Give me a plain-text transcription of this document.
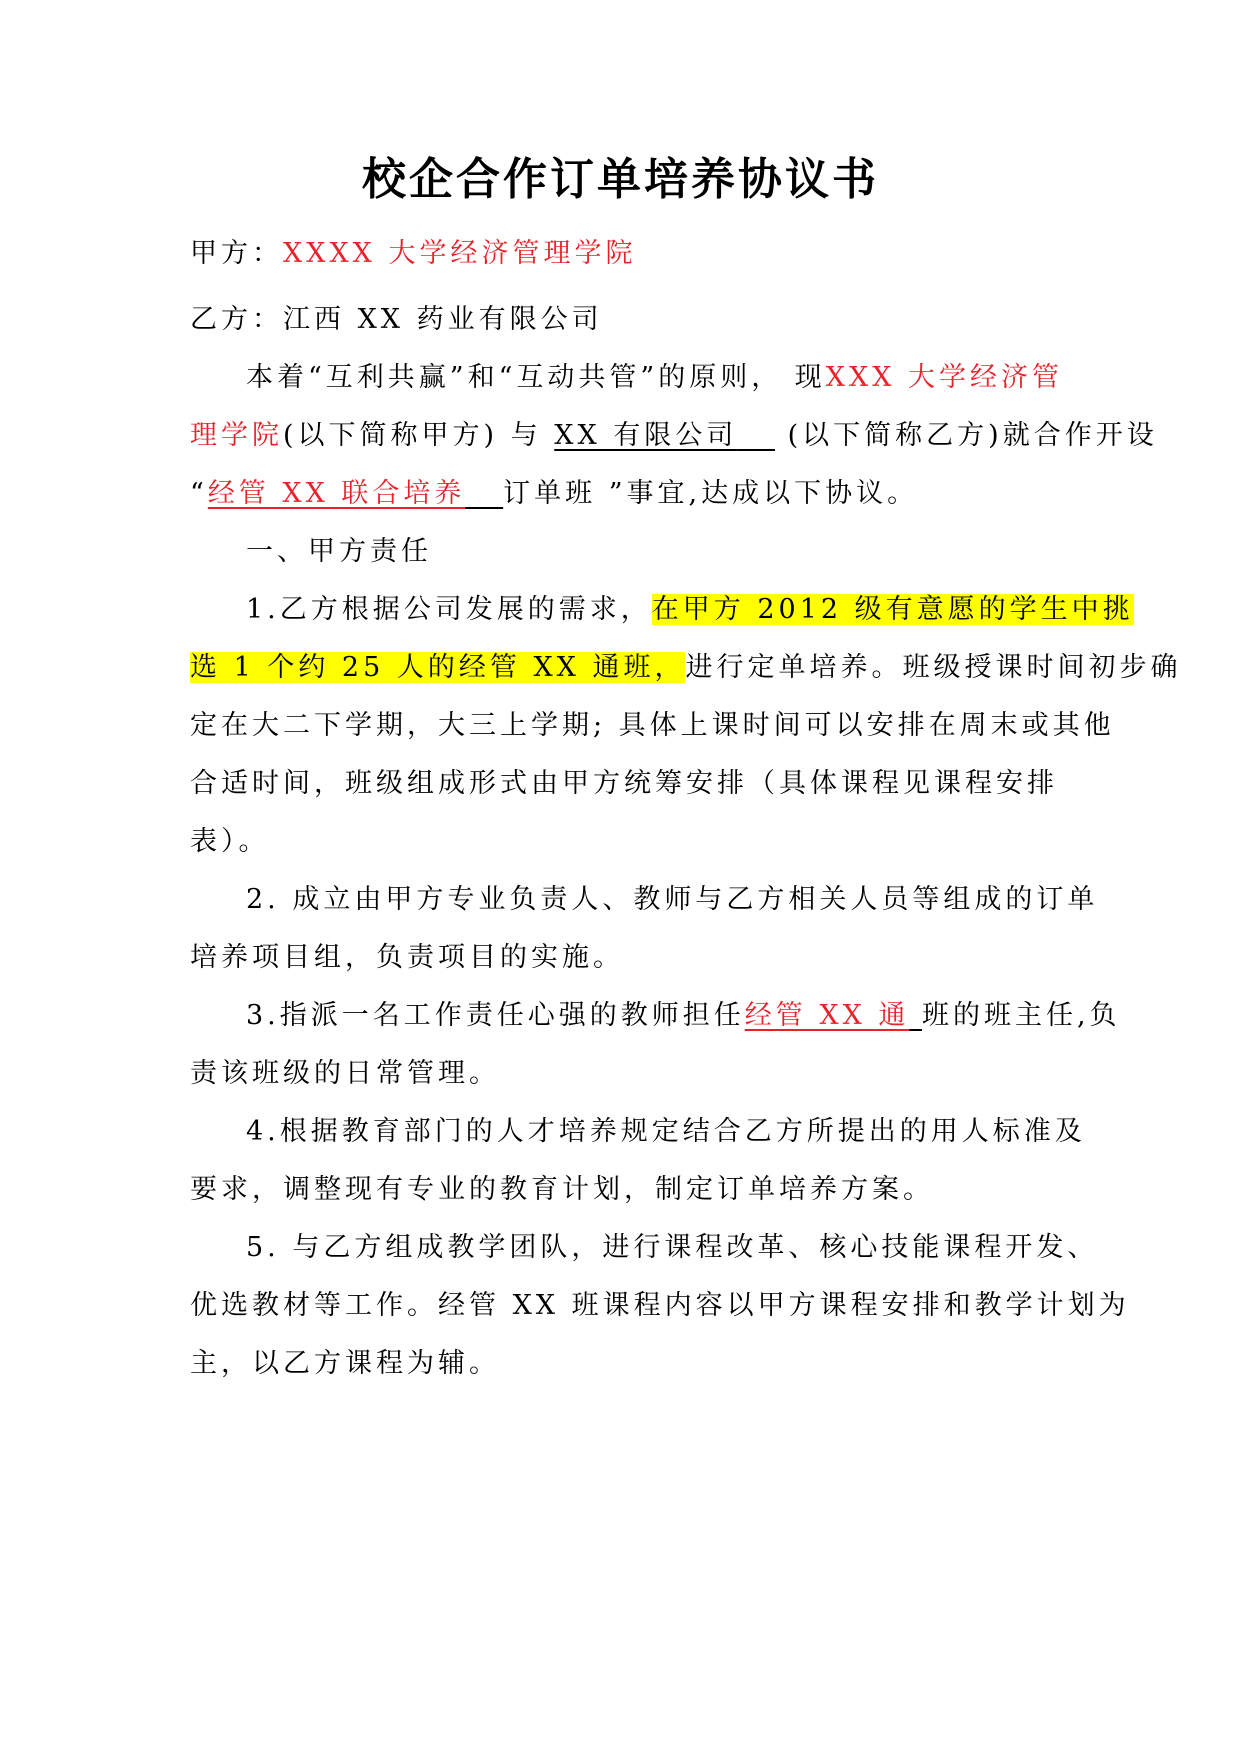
校企合作订单培养协议书
甲方：XXXX 大学经济管理学院
乙方：江西 XX 药业有限公司
本着“互利共赢”和“互动共管”的原则， 现XXX 大学经济管
理学院(以下简称甲方) 与 XX 有限公司 (以下简称乙方)就合作开设
“经管 XX 联合培养 订单班 ”事宜,达成以下协议。
一、甲方责任
1.乙方根据公司发展的需求，在甲方 2012 级有意愿的学生中挑
选 1 个约 25 人的经管 XX 通班，进行定单培养。班级授课时间初步确
定在大二下学期，大三上学期; 具体上课时间可以安排在周末或其他
合适时间，班级组成形式由甲方统筹安排（具体课程见课程安排
表）。
2. 成立由甲方专业负责人、教师与乙方相关人员等组成的订单
培养项目组，负责项目的实施。
3.指派一名工作责任心强的教师担任经管 XX 通 班的班主任,负
责该班级的日常管理。
4.根据教育部门的人才培养规定结合乙方所提出的用人标准及
要求，调整现有专业的教育计划，制定订单培养方案。
5. 与乙方组成教学团队，进行课程改革、核心技能课程开发、
优选教材等工作。经管 XX 班课程内容以甲方课程安排和教学计划为
主，以乙方课程为辅。
